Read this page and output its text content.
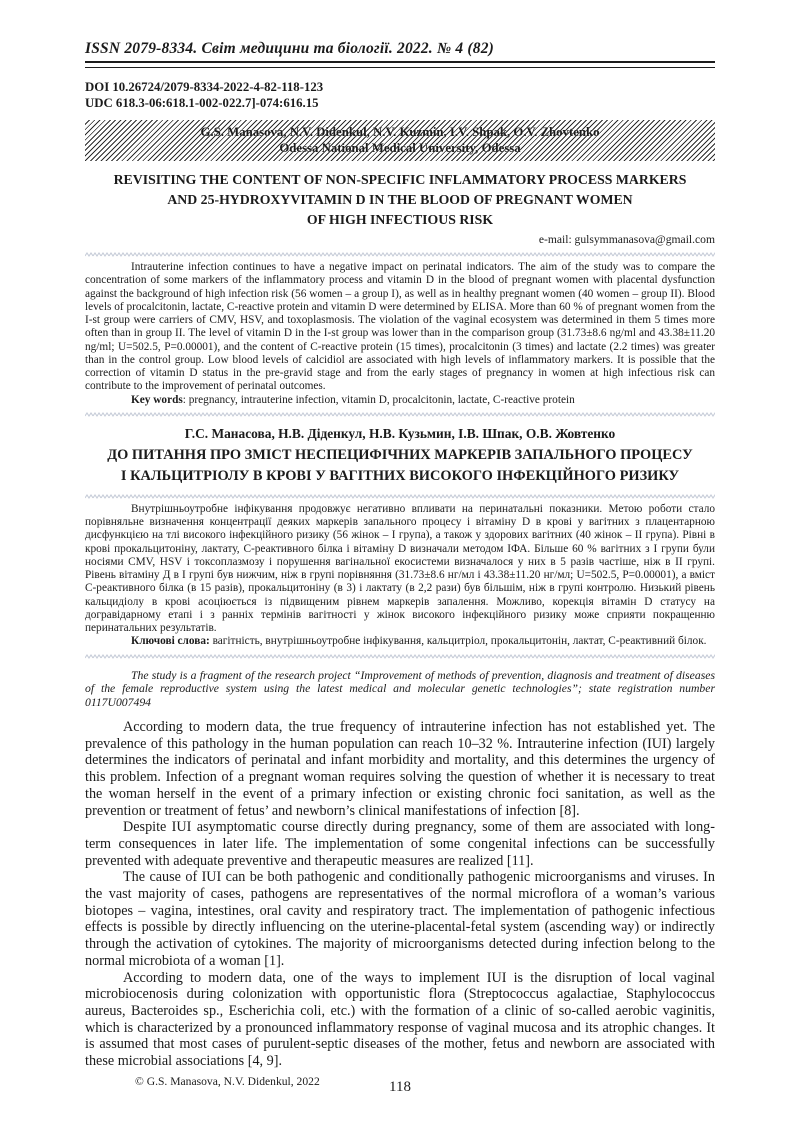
ISSN 2079-8334. Світ медицини та біології. 2022. № 4 (82)
DOI 10.26724/2079-8334-2022-4-82-118-123
UDC 618.3-06:618.1-002-022.7]-074:616.15
G.S. Manasova, N.V. Didenkul, N.V. Kuzmin, I.V. Shpak, O.V. Zhovtenko
Odessa National Medical University, Odessa
REVISITING THE CONTENT OF NON-SPECIFIC INFLAMMATORY PROCESS MARKERS
AND 25-HYDROXYVITAMIN D IN THE BLOOD OF PREGNANT WOMEN
OF HIGH INFECTIOUS RISK
e-mail: gulsymmanasova@gmail.com

Intrauterine infection continues to have a negative impact on perinatal indicators. The aim of the study was to compare the concentration of some markers of the inflammatory process and vitamin D in the blood of pregnant women with placental dysfunction against the background of high infection risk (56 women – a group I), as well as in healthy pregnant women (40 women – group II). Blood levels of procalcitonin, lactate, C-reactive protein and vitamin D were determined by ELISA. More than 60 % of pregnant women from the I-st group were carriers of CMV, HSV, and toxoplasmosis. The violation of the vaginal ecosystem was determined in them 5 times more often than in group II. The level of vitamin D in the I-st group was lower than in the comparison group (31.73±8.6 ng/ml and 43.38±11.20 ng/ml; U=502.5, P=0.00001), and the content of C-reactive protein (15 times), procalcitonin (3 times) and lactate (2.2 times) was greater than in the control group. Low blood levels of calcidiol are associated with high levels of inflammatory markers. It is possible that the correction of vitamin D status in the pre-gravid stage and from the early stages of pregnancy in women at high infectious risk can contribute to the improvement of perinatal outcomes.

Key words: pregnancy, intrauterine infection, vitamin D, procalcitonin, lactate, C-reactive protein

Г.С. Манасова, Н.В. Діденкул, Н.В. Кузьмин, І.В. Шпак, О.В. Жовтенко
ДО ПИТАННЯ ПРО ЗМІСТ НЕСПЕЦИФІЧНИХ МАРКЕРІВ ЗАПАЛЬНОГО ПРОЦЕСУ
І КАЛЬЦИТРІОЛУ В КРОВІ У ВАГІТНИХ ВИСОКОГО ІНФЕКЦІЙНОГО РИЗИКУ

Внутрішньоутробне інфікування продовжує негативно впливати на перинатальні показники. Метою роботи стало порівняльне визначення концентрації деяких маркерів запального процесу і вітаміну D в крові у вагітних з плацентарною дисфункцією на тлі високого інфекційного ризику (56 жінок – І група), а також у здорових вагітних (40 жінок – ІІ група). Рівні в крові прокальцитоніну, лактату, С-реактивного білка і вітаміну D визначали методом ІФА. Більше 60 % вагітних з І групи були носіями CMV, HSV і токсоплазмозу і порушення вагінальної екосистеми визначалося у них в 5 разів частіше, ніж в ІІ групі. Рівень вітаміну Д в І групі був нижчим, ніж в групі порівняння (31.73±8.6 нг/мл і 43.38±11.20 нг/мл; U=502.5, P=0.00001), а вміст С-реактивного білка (в 15 разів), прокальцитоніну (в 3) і лактату (в 2,2 рази) був більшім, ніж в групі контролю. Низький рівень кальцидіолу в крові асоціюється із підвищеним рівнем маркерів запалення. Можливо, корекція вітамін D статусу на догравідарному етапі і з ранніх термінів вагітності у жінок високого інфекційного ризику може сприяти покращенню перинатальних результатів.

Ключові слова: вагітність, внутрішньоутробне інфікування, кальцитріол, прокальцитонін, лактат, С-реактивний білок.

The study is a fragment of the research project “Improvement of methods of prevention, diagnosis and treatment of diseases of the female reproductive system using the latest medical and molecular genetic technologies”; state registration number 0117U007494

According to modern data, the true frequency of intrauterine infection has not established yet. The prevalence of this pathology in the human population can reach 10–32 %. Intrauterine infection (IUI) largely determines the indicators of perinatal and infant morbidity and mortality, and this determines the urgency of this problem. Infection of a pregnant woman requires solving the question of whether it is necessary to treat the woman herself in the event of a primary infection or existing chronic foci sanitation, as well as the prevention or treatment of fetus’ and newborn’s clinical manifestations of infection [8].

Despite IUI asymptomatic course directly during pregnancy, some of them are associated with long-term consequences in later life. The implementation of some congenital infections can be successfully prevented with adequate preventive and therapeutic measures are realized [11].

The cause of IUI can be both pathogenic and conditionally pathogenic microorganisms and viruses. In the vast majority of cases, pathogens are representatives of the normal microflora of a woman’s various biotopes – vagina, intestines, oral cavity and respiratory tract. The implementation of pathogenic infectious effects is possible by directly influencing on the uterine-placental-fetal system (ascending way) or indirectly through the activation of cytokines. The majority of microorganisms detected during infection belong to the normal microbiota of a woman [1].

According to modern data, one of the ways to implement IUI is the disruption of local vaginal microbiocenosis during colonization with opportunistic flora (Streptococcus agalactiae, Staphylococcus aureus, Bacteroides sp., Escherichia coli, etc.) with the formation of a clinic of so-called aerobic vaginitis, which is characterized by a pronounced inflammatory response of vaginal mucosa and its atrophic changes. It is assumed that most cases of purulent-septic diseases of the mother, fetus and newborn are associated with these microbial associations [4, 9].

© G.S. Manasova, N.V. Didenkul, 2022	118
